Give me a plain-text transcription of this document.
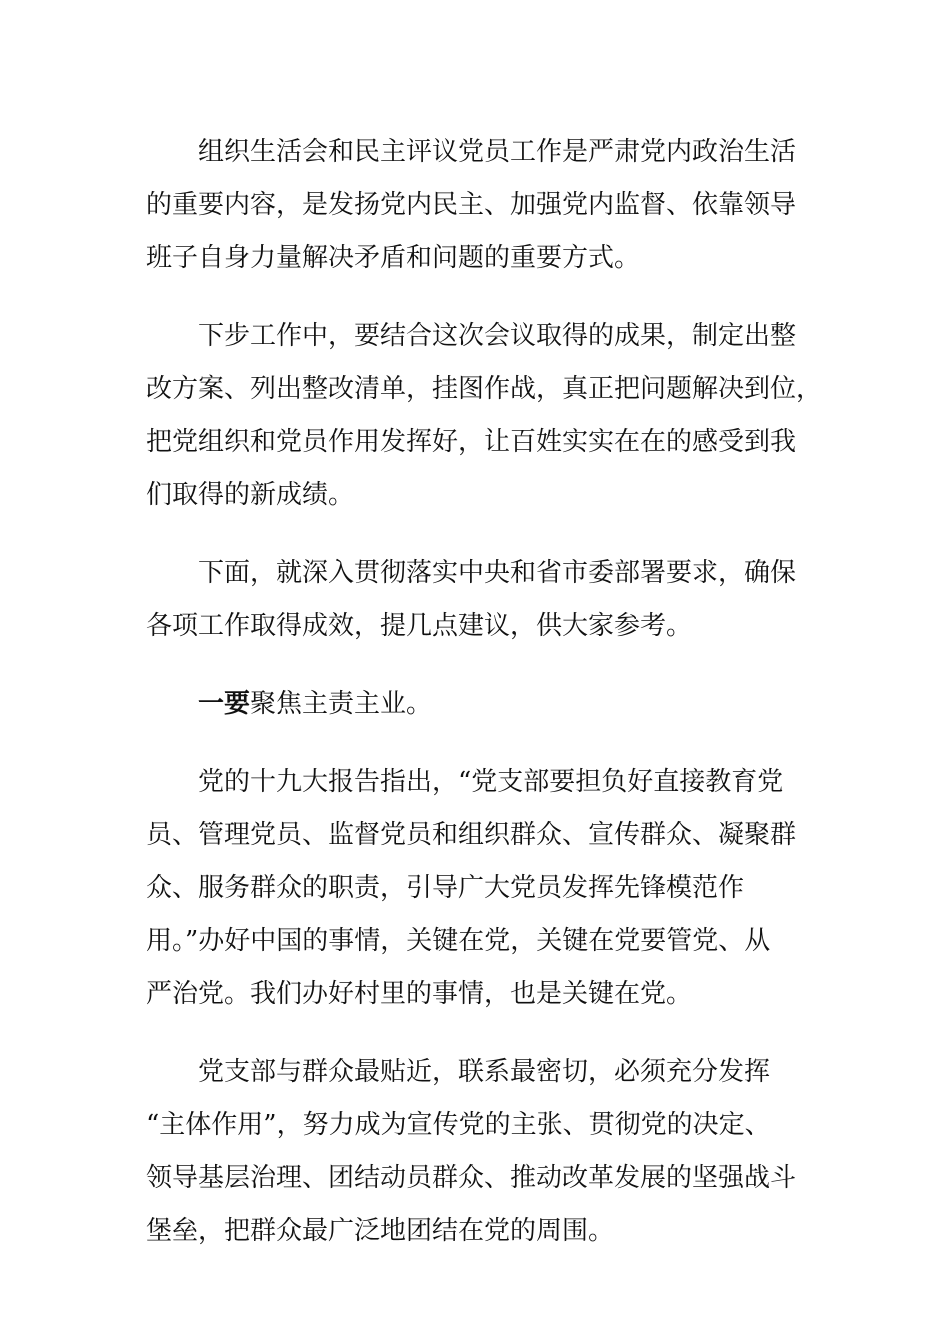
组织生活会和民主评议党员工作是严肃党内政治生活
的重要内容，是发扬党内民主、加强党内监督、依靠领导
班子自身力量解决矛盾和问题的重要方式。
下步工作中，要结合这次会议取得的成果，制定出整
改方案、列出整改清单，挂图作战，真正把问题解决到位，
把党组织和党员作用发挥好，让百姓实实在在的感受到我
们取得的新成绩。
下面，就深入贯彻落实中央和省市委部署要求，确保
各项工作取得成效，提几点建议，供大家参考。
一要聚焦主责主业。
党的十九大报告指出，“党支部要担负好直接教育党
员、管理党员、监督党员和组织群众、宣传群众、凝聚群
众、服务群众的职责，引导广大党员发挥先锋模范作
用。”办好中国的事情，关键在党，关键在党要管党、从
严治党。我们办好村里的事情，也是关键在党。
党支部与群众最贴近，联系最密切，必须充分发挥
“主体作用”，努力成为宣传党的主张、贯彻党的决定、
领导基层治理、团结动员群众、推动改革发展的坚强战斗
堡垒，把群众最广泛地团结在党的周围。
